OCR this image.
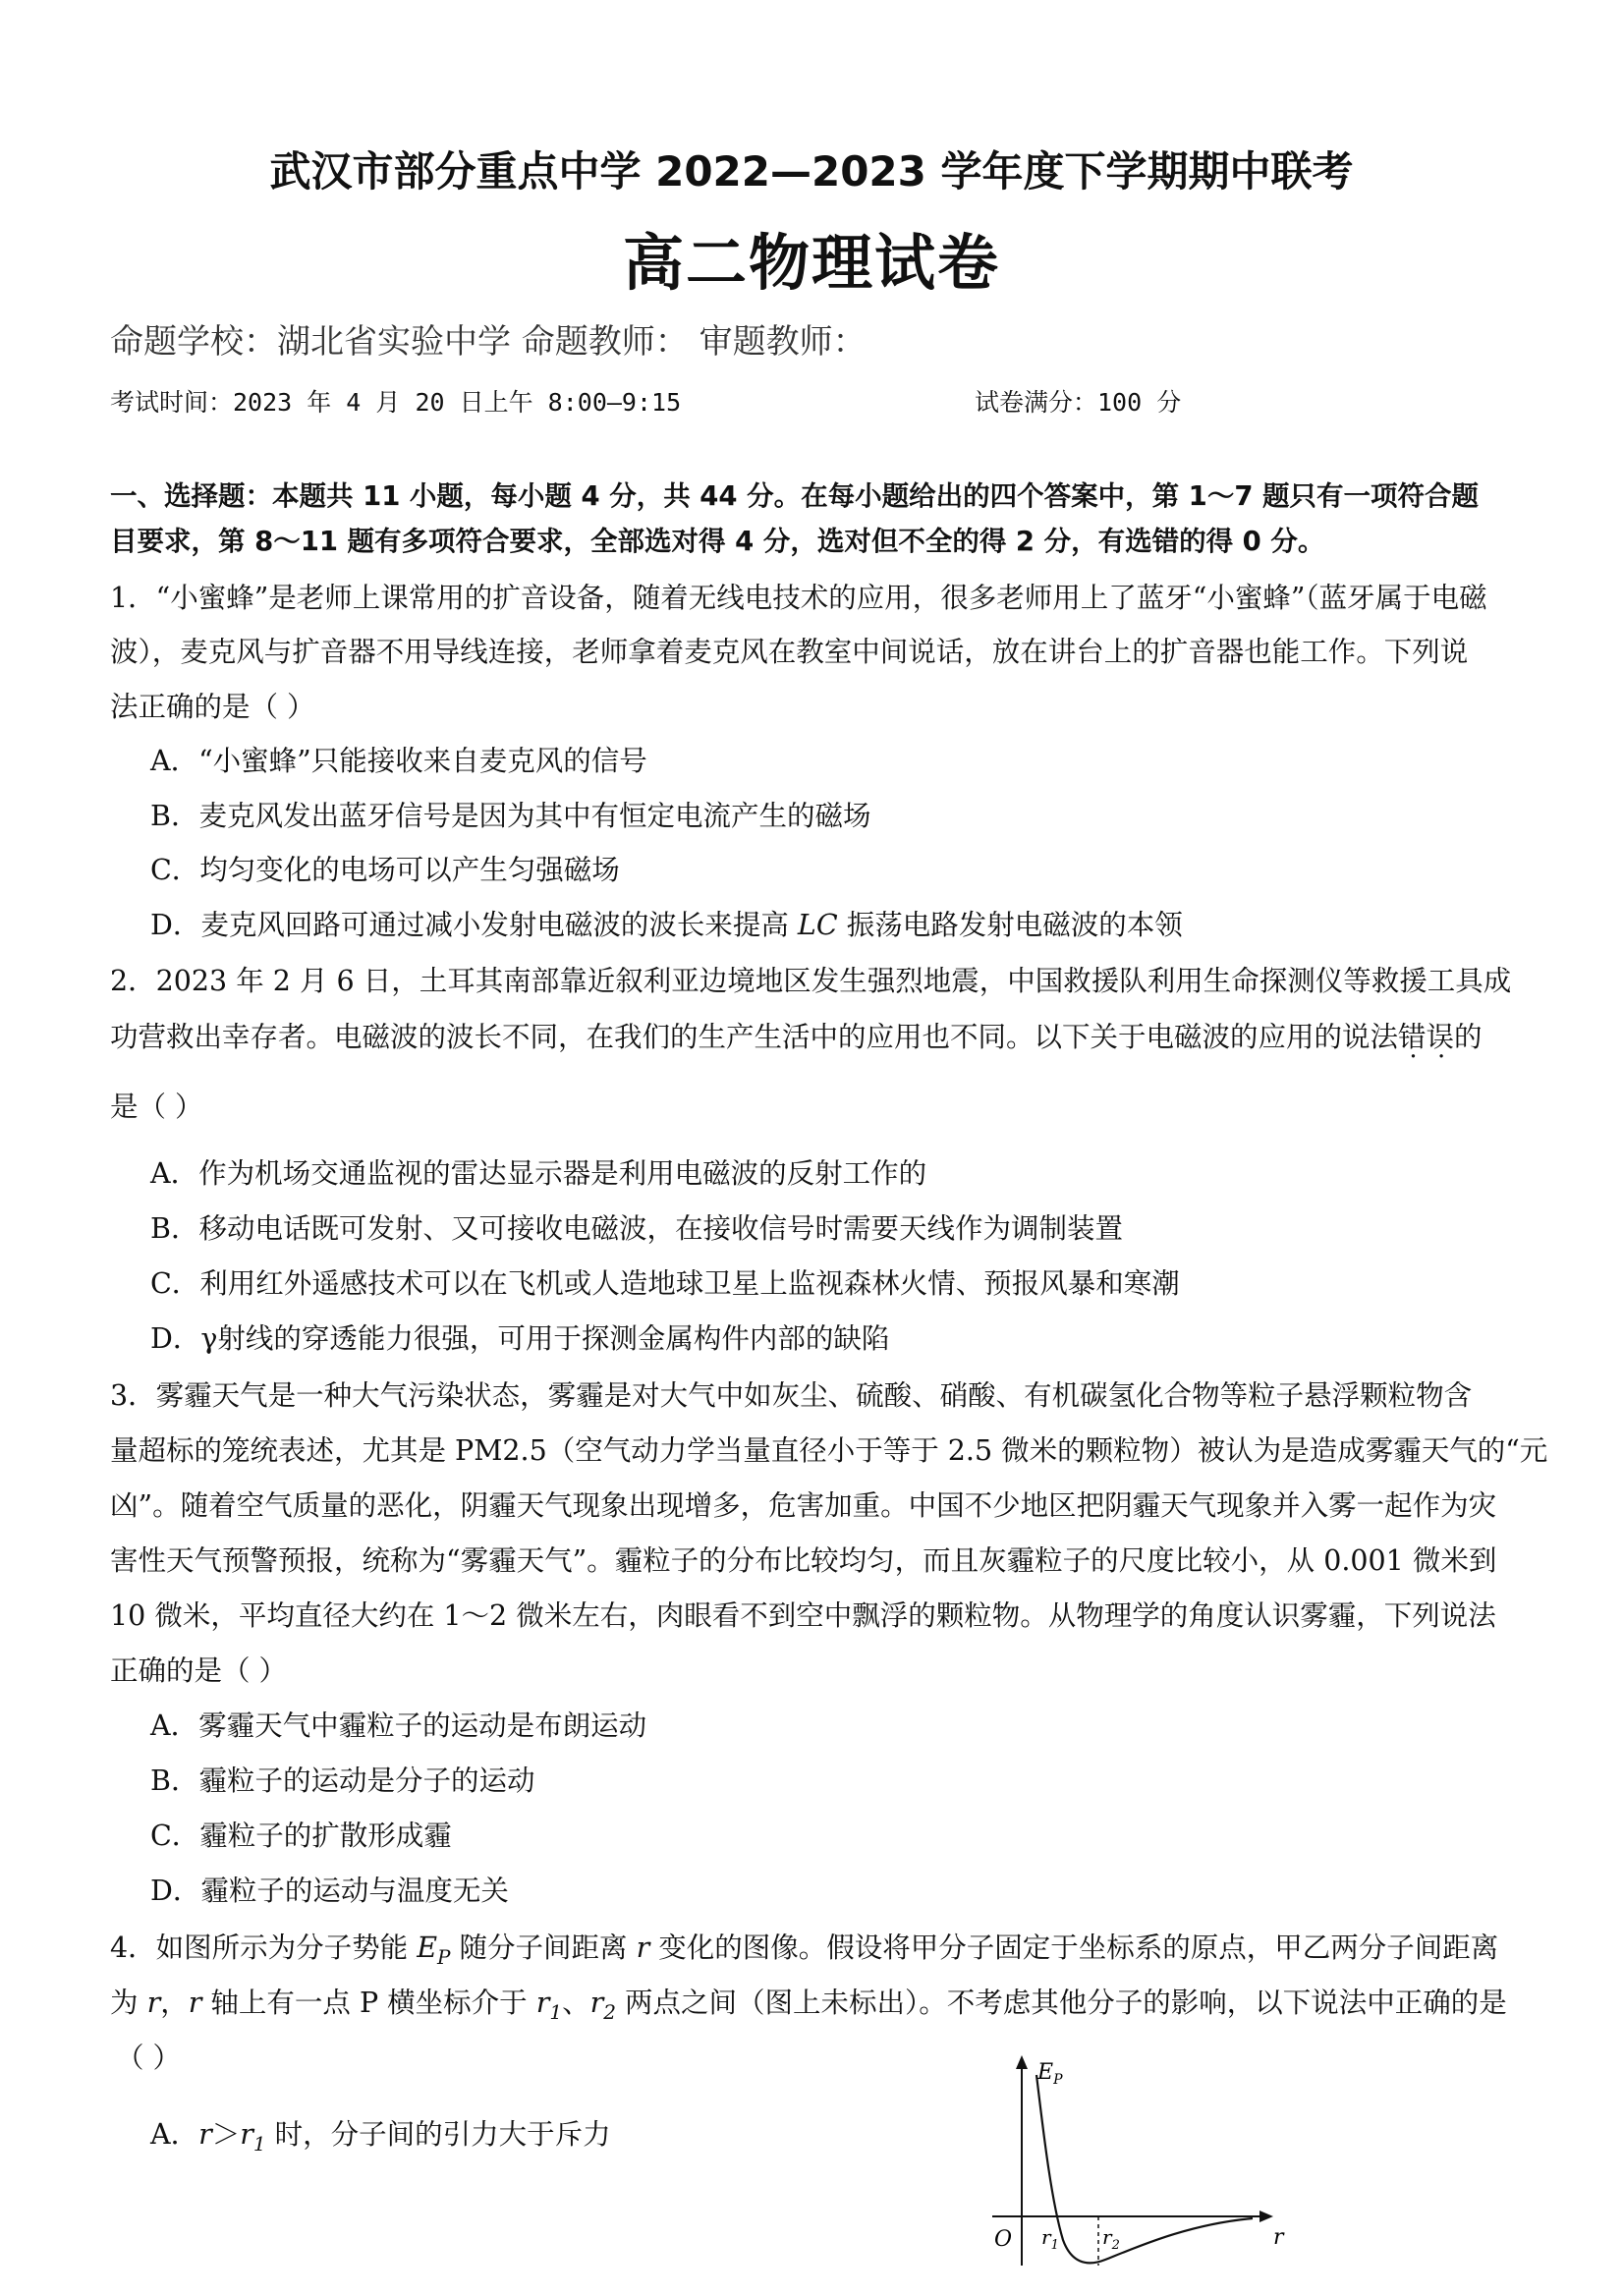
武汉市部分重点中学 2022—2023 学年度下学期期中联考
高二物理试卷
命题学校：湖北省实验中学 命题教师： 审题教师：
考试时间：2023 年 4 月 20 日上午 8:00—9:15	试卷满分：100 分
一、选择题：本题共 11 小题，每小题 4 分，共 44 分。在每小题给出的四个答案中，第 1～7 题只有一项符合题
目要求，第 8～11 题有多项符合要求，全部选对得 4 分，选对但不全的得 2 分，有选错的得 0 分。
1．“小蜜蜂”是老师上课常用的扩音设备，随着无线电技术的应用，很多老师用上了蓝牙“小蜜蜂”（蓝牙属于电磁
波），麦克风与扩音器不用导线连接，老师拿着麦克风在教室中间说话，放在讲台上的扩音器也能工作。下列说
法正确的是（ ）
A．“小蜜蜂”只能接收来自麦克风的信号
B．麦克风发出蓝牙信号是因为其中有恒定电流产生的磁场
C．均匀变化的电场可以产生匀强磁场
D．麦克风回路可通过减小发射电磁波的波长来提高 LC 振荡电路发射电磁波的本领
2．2023 年 2 月 6 日，土耳其南部靠近叙利亚边境地区发生强烈地震，中国救援队利用生命探测仪等救援工具成
功营救出幸存者。电磁波的波长不同，在我们的生产生活中的应用也不同。以下关于电磁波的应用的说法错误的
是（ ）
A．作为机场交通监视的雷达显示器是利用电磁波的反射工作的
B．移动电话既可发射、又可接收电磁波，在接收信号时需要天线作为调制装置
C．利用红外遥感技术可以在飞机或人造地球卫星上监视森林火情、预报风暴和寒潮
D．γ射线的穿透能力很强，可用于探测金属构件内部的缺陷
3．雾霾天气是一种大气污染状态，雾霾是对大气中如灰尘、硫酸、硝酸、有机碳氢化合物等粒子悬浮颗粒物含
量超标的笼统表述，尤其是 PM2.5（空气动力学当量直径小于等于 2.5 微米的颗粒物）被认为是造成雾霾天气的“元
凶”。随着空气质量的恶化，阴霾天气现象出现增多，危害加重。中国不少地区把阴霾天气现象并入雾一起作为灾
害性天气预警预报，统称为“雾霾天气”。霾粒子的分布比较均匀，而且灰霾粒子的尺度比较小，从 0.001 微米到
10 微米，平均直径大约在 1～2 微米左右，肉眼看不到空中飘浮的颗粒物。从物理学的角度认识雾霾，下列说法
正确的是（ ）
A．雾霾天气中霾粒子的运动是布朗运动
B．霾粒子的运动是分子的运动
C．霾粒子的扩散形成霾
D．霾粒子的运动与温度无关
4．如图所示为分子势能 $E_P$ 随分子间距离 r 变化的图像。假设将甲分子固定于坐标系的原点，甲乙两分子间距离
为 r，r 轴上有一点 P 横坐标介于 $r_1$、$r_2$ 两点之间（图上未标出）。不考虑其他分子的影响，以下说法中正确的是
（ ）
A．$r>r_1$ 时，分子间的引力大于斥力
$E_P$
r
O $r_1$ $r_2$
